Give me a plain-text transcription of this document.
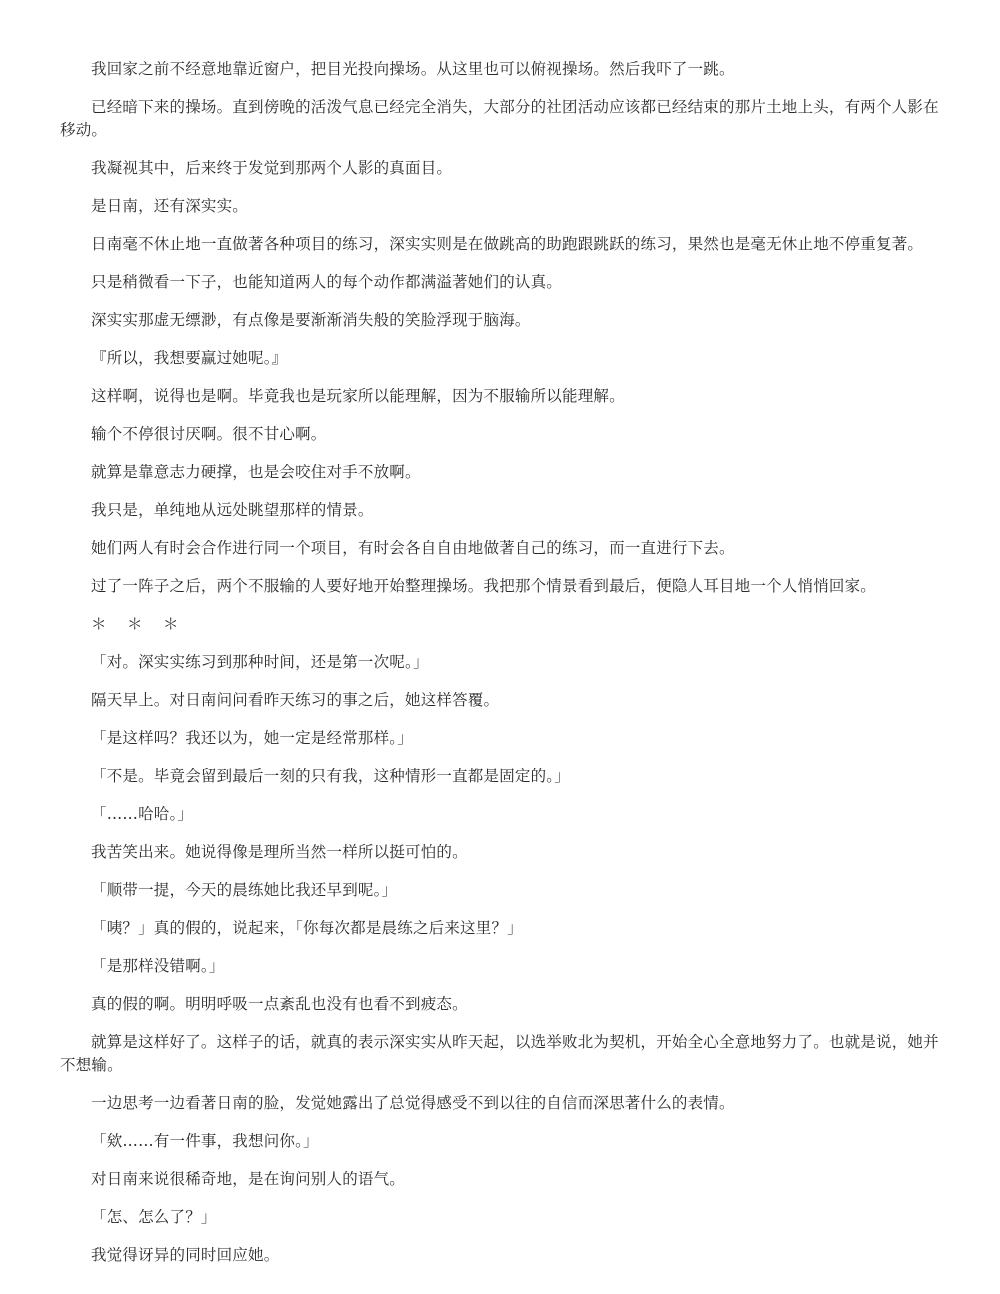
我回家之前不经意地靠近窗户，把目光投向操场。从这里也可以俯视操场。然后我吓了一跳。

已经暗下来的操场。直到傍晚的活泼气息已经完全消失，大部分的社团活动应该都已经结束的那片土地上头，有两个人影在移动。

我凝视其中，后来终于发觉到那两个人影的真面目。

是日南，还有深实实。

日南毫不休止地一直做著各种项目的练习，深实实则是在做跳高的助跑跟跳跃的练习，果然也是毫无休止地不停重复著。

只是稍微看一下子，也能知道两人的每个动作都满溢著她们的认真。

深实实那虚无缥渺，有点像是要渐渐消失般的笑脸浮现于脑海。

『所以，我想要赢过她呢。』

这样啊，说得也是啊。毕竟我也是玩家所以能理解，因为不服输所以能理解。

输个不停很讨厌啊。很不甘心啊。

就算是靠意志力硬撑，也是会咬住对手不放啊。

我只是，单纯地从远处眺望那样的情景。

她们两人有时会合作进行同一个项目，有时会各自自由地做著自己的练习，而一直进行下去。

过了一阵子之后，两个不服输的人要好地开始整理操场。我把那个情景看到最后，便隐人耳目地一个人悄悄回家。

＊ ＊ ＊

「对。深实实练习到那种时间，还是第一次呢。」

隔天早上。对日南问问看昨天练习的事之后，她这样答覆。

「是这样吗？我还以为，她一定是经常那样。」

「不是。毕竟会留到最后一刻的只有我，这种情形一直都是固定的。」

「……哈哈。」

我苦笑出来。她说得像是理所当然一样所以挺可怕的。

「顺带一提，今天的晨练她比我还早到呢。」

「咦？」真的假的，说起来，「你每次都是晨练之后来这里？」

「是那样没错啊。」

真的假的啊。明明呼吸一点紊乱也没有也看不到疲态。

就算是这样好了。这样子的话，就真的表示深实实从昨天起，以选举败北为契机，开始全心全意地努力了。也就是说，她并不想输。

一边思考一边看著日南的脸，发觉她露出了总觉得感受不到以往的自信而深思著什么的表情。

「欸……有一件事，我想问你。」

对日南来说很稀奇地，是在询问别人的语气。

「怎、怎么了？」

我觉得讶异的同时回应她。
